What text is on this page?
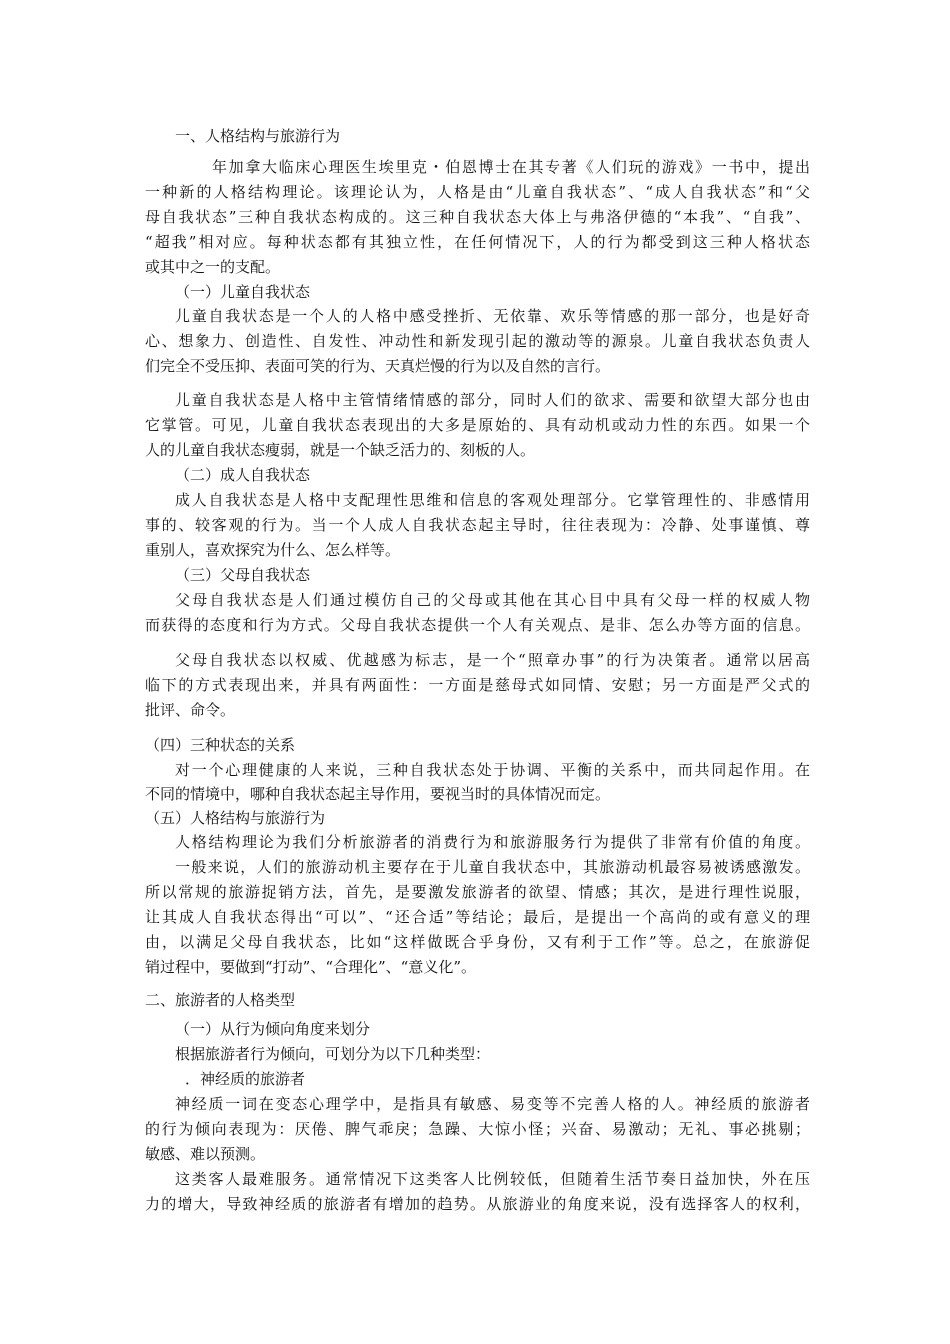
一、人格结构与旅游行为
年加拿大临床心理医生埃里克・伯恩博士在其专著《人们玩的游戏》一书中，提出
一种新的人格结构理论。该理论认为，人格是由“儿童自我状态”、“成人自我状态”和“父
母自我状态”三种自我状态构成的。这三种自我状态大体上与弗洛伊德的“本我”、“自我”、
“超我”相对应。每种状态都有其独立性，在任何情况下，人的行为都受到这三种人格状态
或其中之一的支配。
（一）儿童自我状态
儿童自我状态是一个人的人格中感受挫折、无依靠、欢乐等情感的那一部分，也是好奇
心、想象力、创造性、自发性、冲动性和新发现引起的激动等的源泉。儿童自我状态负责人
们完全不受压抑、表面可笑的行为、天真烂慢的行为以及自然的言行。
儿童自我状态是人格中主管情绪情感的部分，同时人们的欲求、需要和欲望大部分也由
它掌管。可见，儿童自我状态表现出的大多是原始的、具有动机或动力性的东西。如果一个
人的儿童自我状态瘦弱，就是一个缺乏活力的、刻板的人。
（二）成人自我状态
成人自我状态是人格中支配理性思维和信息的客观处理部分。它掌管理性的、非感情用
事的、较客观的行为。当一个人成人自我状态起主导时，往往表现为：冷静、处事谨慎、尊
重别人，喜欢探究为什么、怎么样等。
（三）父母自我状态
父母自我状态是人们通过模仿自己的父母或其他在其心目中具有父母一样的权威人物
而获得的态度和行为方式。父母自我状态提供一个人有关观点、是非、怎么办等方面的信息。
父母自我状态以权威、优越感为标志，是一个“照章办事”的行为决策者。通常以居高
临下的方式表现出来，并具有两面性：一方面是慈母式如同情、安慰；另一方面是严父式的
批评、命令。
（四）三种状态的关系
对一个心理健康的人来说，三种自我状态处于协调、平衡的关系中，而共同起作用。在
不同的情境中，哪种自我状态起主导作用，要视当时的具体情况而定。
（五）人格结构与旅游行为
人格结构理论为我们分析旅游者的消费行为和旅游服务行为提供了非常有价值的角度。
一般来说，人们的旅游动机主要存在于儿童自我状态中，其旅游动机最容易被诱感激发。
所以常规的旅游捉销方法，首先，是要激发旅游者的欲望、情感；其次，是进行理性说服，
让其成人自我状态得出“可以”、“还合适”等结论；最后，是提出一个高尚的或有意义的理
由，以满足父母自我状态，比如“这样做既合乎身份，又有利于工作”等。总之，在旅游促
销过程中，要做到“打动”、“合理化”、“意义化”。
二、旅游者的人格类型
（一）从行为倾向角度来划分
根据旅游者行为倾向，可划分为以下几种类型：
．神经质的旅游者
神经质一词在变态心理学中，是指具有敏感、易变等不完善人格的人。神经质的旅游者
的行为倾向表现为：厌倦、脾气乖戾；急躁、大惊小怪；兴奋、易激动；无礼、事必挑剔；
敏感、难以预测。
这类客人最难服务。通常情况下这类客人比例较低，但随着生活节奏日益加快，外在压
力的增大，导致神经质的旅游者有增加的趋势。从旅游业的角度来说，没有选择客人的权利，
